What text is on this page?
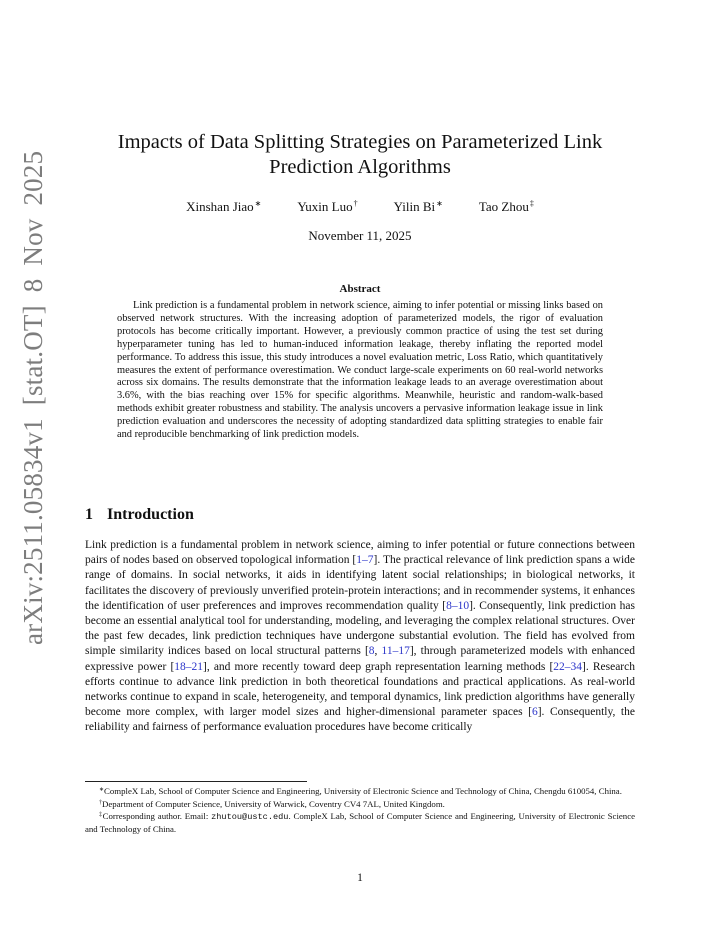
arXiv:2511.05834v1 [stat.OT] 8 Nov 2025
Impacts of Data Splitting Strategies on Parameterized Link Prediction Algorithms
Xinshan Jiao∗	Yuxin Luo†	Yilin Bi∗	Tao Zhou‡
November 11, 2025
Abstract
Link prediction is a fundamental problem in network science, aiming to infer potential or missing links based on observed network structures. With the increasing adoption of parameterized models, the rigor of evaluation protocols has become critically important. However, a previously common practice of using the test set during hyperparameter tuning has led to human-induced information leakage, thereby inflating the reported model performance. To address this issue, this study introduces a novel evaluation metric, Loss Ratio, which quantitatively measures the extent of performance overestimation. We conduct large-scale experiments on 60 real-world networks across six domains. The results demonstrate that the information leakage leads to an average overestimation about 3.6%, with the bias reaching over 15% for specific algorithms. Meanwhile, heuristic and random-walk-based methods exhibit greater robustness and stability. The analysis uncovers a pervasive information leakage issue in link prediction evaluation and underscores the necessity of adopting standardized data splitting strategies to enable fair and reproducible benchmarking of link prediction models.
1 Introduction
Link prediction is a fundamental problem in network science, aiming to infer potential or future connections between pairs of nodes based on observed topological information [1–7]. The practical relevance of link prediction spans a wide range of domains. In social networks, it aids in identifying latent social relationships; in biological networks, it facilitates the discovery of previously unverified protein-protein interactions; and in recommender systems, it enhances the identification of user preferences and improves recommendation quality [8–10]. Consequently, link prediction has become an essential analytical tool for understanding, modeling, and leveraging the complex relational structures. Over the past few decades, link prediction techniques have undergone substantial evolution. The field has evolved from simple similarity indices based on local structural patterns [8, 11–17], through parameterized models with enhanced expressive power [18–21], and more recently toward deep graph representation learning methods [22–34]. Research efforts continue to advance link prediction in both theoretical foundations and practical applications. As real-world networks continue to expand in scale, heterogeneity, and temporal dynamics, link prediction algorithms have generally become more complex, with larger model sizes and higher-dimensional parameter spaces [6]. Consequently, the reliability and fairness of performance evaluation procedures have become critically

∗CompleX Lab, School of Computer Science and Engineering, University of Electronic Science and Technology of China, Chengdu 610054, China.

†Department of Computer Science, University of Warwick, Coventry CV4 7AL, United Kingdom.

‡Corresponding author. Email: zhutou@ustc.edu. CompleX Lab, School of Computer Science and Engineering, University of Electronic Science and Technology of China.

1
